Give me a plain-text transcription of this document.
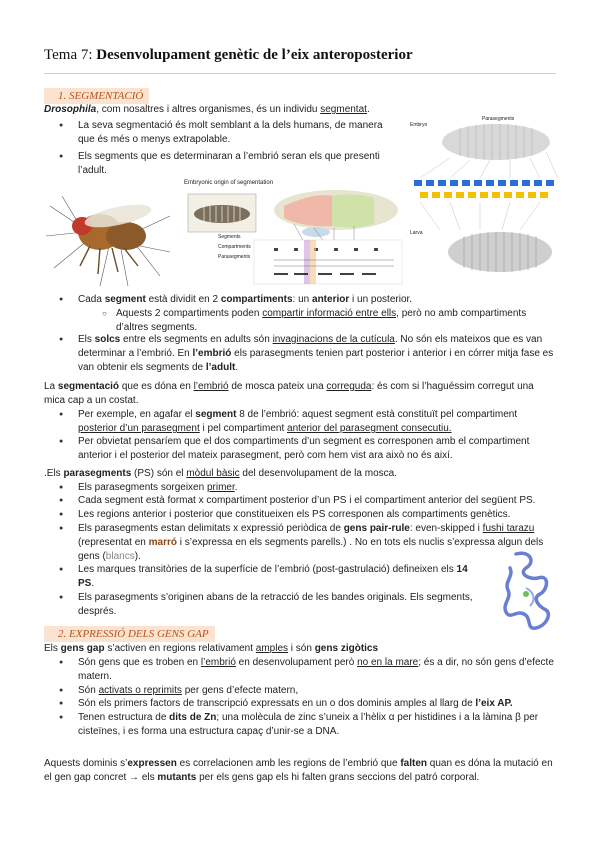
Tema 7: Desenvolupament genètic de l’eix anteroposterior
1. SEGMENTACIÓ
Drosophila, com nosaltres i altres organismes, és un individu segmentat.
● La seva segmentació és molt semblant a la dels humans, de manera que és més o menys extrapolable.
● Els segments que es determinaran a l’embrió seran els que presenti l’adult.
Embryonic origin of segmentation
Segments
Compartments
Parasegments
Embryo
Parasegments
Larva
● Cada segment està dividit en 2 compartiments: un anterior i un posterior.
○ Aquests 2 compartiments poden compartir informació entre ells, però no amb compartiments d’altres segments.
● Els solcs entre els segments en adults són invaginacions de la cutícula. No són els mateixos que es van determinar a l’embrió. En l’embrió els parasegments tenien part posterior i anterior i en córrer mitja fase es van obtenir els segments de l’adult.
La segmentació que es dóna en l’embrió de mosca pateix una correguda: és com si l’haguéssim corregut una mica cap a un costat.
● Per exemple, en agafar el segment 8 de l’embrió: aquest segment està constituït pel compartiment posterior d’un parasegment i pel compartiment anterior del parasegment consecutiu.
● Per obvietat pensaríem que el dos compartiments d’un segment es corresponen amb el compartiment anterior i el posterior del mateix parasegment, però com hem vist ara això no és així.
.Els parasegments (PS) són el mòdul bàsic del desenvolupament de la mosca.
● Els parasegments sorgeixen primer.
● Cada segment està format x compartiment posterior d’un PS i el compartiment anterior del següent PS.
● Les regions anterior i posterior que constitueixen els PS corresponen als compartiments genètics.
● Els parasegments estan delimitats x expressió periòdica de gens pair-rule: even-skipped i fushi tarazu (representat en marró i s’expressa en els segments parells.) . No en tots els nuclis s’expressa algun dels gens (blancs).
● Les marques transitòries de la superfície de l’embrió (post-gastrulació) defineixen els 14 PS.
● Els parasegments s’originen abans de la retracció de les bandes originals. Els segments, després.
2. EXPRESSIÓ DELS GENS GAP
Els gens gap s’activen en regions relativament amples i són gens zigòtics
● Són gens que es troben en l’embrió en desenvolupament però no en la mare; és a dir, no són gens d’efecte matern.
● Són activats o reprimits per gens d’efecte matern,
● Són els primers factors de transcripció expressats en un o dos dominis amples al llarg de l’eix AP.
● Tenen estructura de dits de Zn; una molècula de zinc s’uneix a l’hèlix α per histidines i a la làmina β per cisteïnes, i es forma una estructura capaç d’unir-se a DNA.
Aquests dominis s’expressen es correlacionen amb les regions de l’embrió que falten quan es dóna la mutació en el gen gap concret → els mutants per els gens gap els hi falten grans seccions del patró corporal.
